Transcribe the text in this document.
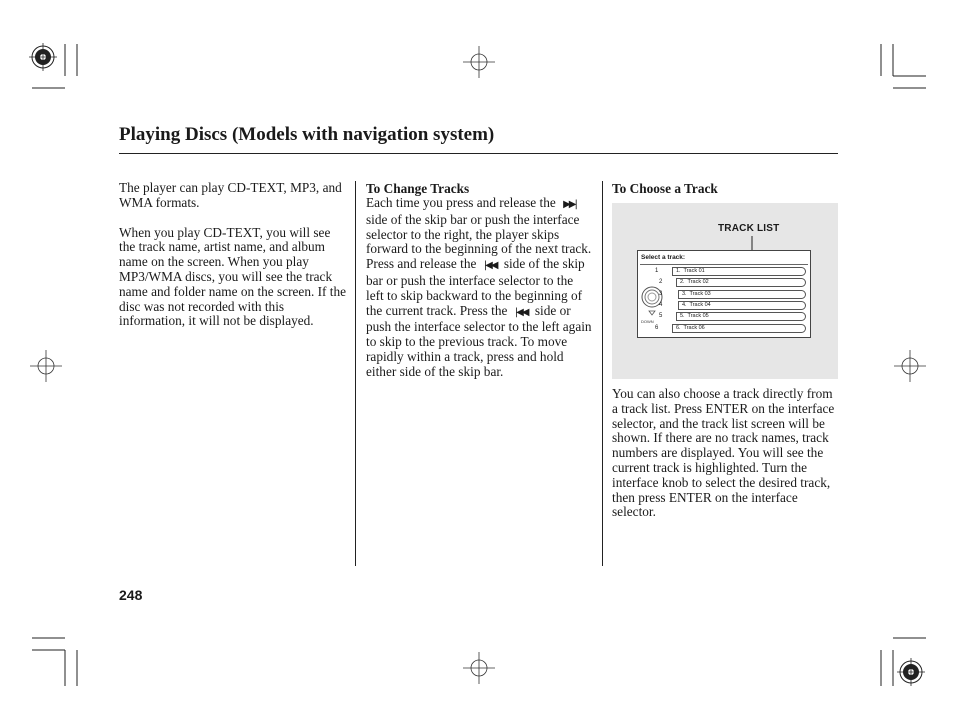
Playing Discs (Models with navigation system)

The player can play CD-TEXT, MP3, and WMA formats.

When you play CD-TEXT, you will see the track name, artist name, and album name on the screen. When you play MP3/WMA discs, you will see the track name and folder name on the screen. If the disc was not recorded with this information, it will not be displayed.

To Change Tracks

Each time you press and release the ▶▶| side of the skip bar or push the interface selector to the right, the player skips forward to the beginning of the next track. Press and release the |◀◀ side of the skip bar or push the interface selector to the left to skip backward to the beginning of the current track. Press the |◀◀ side or push the interface selector to the left again to skip to the previous track. To move rapidly within a track, press and hold either side of the skip bar.

To Choose a Track
TRACK LIST
Select a track:
DOWN
1	1.  Track 01
2	2.  Track 02
3	3.  Track 03
4	4.  Track 04
5	5.  Track 05
6	6.  Track 06

You can also choose a track directly from a track list. Press ENTER on the interface selector, and the track list screen will be shown. If there are no track names, track numbers are displayed. You will see the current track is highlighted. Turn the interface knob to select the desired track, then press ENTER on the interface selector.

248
